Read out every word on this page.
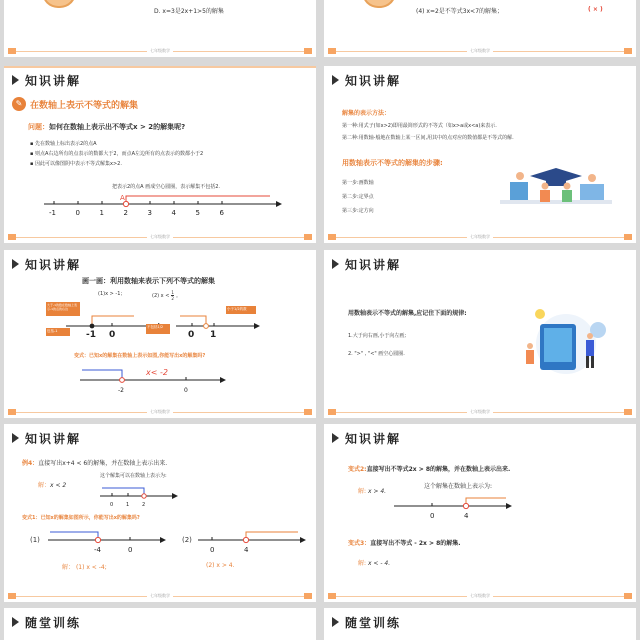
D. x=3是2x+1>5的解集
七年级数学
(4) x=2是不等式3x<7的解集；	( × )
七年级数学
知识讲解
✎ 在数轴上表示不等式的解集
问题：如何在数轴上表示出不等式x > 2的解集呢?
▪ 先在数轴上标出表示2的点A
▪ 则点A右边所有的点表示的数都大于2，而点A左边所有的点表示的数都小于2
▪ 因此可以像图阴中表示不等式解集x>2.
把表示2的点A 画成空心圆圈，表示解集不包括2.
-1	0	1	2	3	4	5	6
A
七年级数学
知识讲解
解集的表示方法：
第一种:用式子(如x>2)即用最简形式的不等式（如x>a或x<a)来表示.
第二种:用数轴-般地在数轴上某一区间,用其中的点对应的数值都是不等式的解.
用数轴表示不等式的解集的步骤:
第一步:画数轴
第二步:定界点
第三步:定方向
七年级数学
知识讲解
画一画：利用数轴来表示下列不等式的解集
(1)x > -1；	(2) x < 1
2 。
大于-1的数在数轴上表示-1的点的右边
包括-1	-1 0
不包括1/2
小于1/2的数
0 1
变式：已知x的解集在数轴上表示如图,你能写出x的解集吗?
x< -2
-2	0
七年级数学
知识讲解
用数轴表示不等式的解集,应记住下面的规律:
1.大于向右画,小于向左画;
2. ">" , "<" 画空心圆圈.
七年级数学
知识讲解
例4：直接写出x+4 < 6的解集，并在数轴上表示出来.
解：x < 2
这个解集可以在数轴上表示为:
0	1	2
变式1：已知x的解集如图所示，你能写出x的解集吗?
(1)
-4	0
(2)
0	4
解： (1) x < -4;	(2) x > 4.
七年级数学
知识讲解
变式2:直接写出不等式2x > 8的解集，并在数轴上表示出来.
解: x > 4.
这个解集在数轴上表示为:
0	4
变式3：直接写出不等式 - 2x > 8的解集.
解: x < - 4.
七年级数学
随堂训练	随堂训练
